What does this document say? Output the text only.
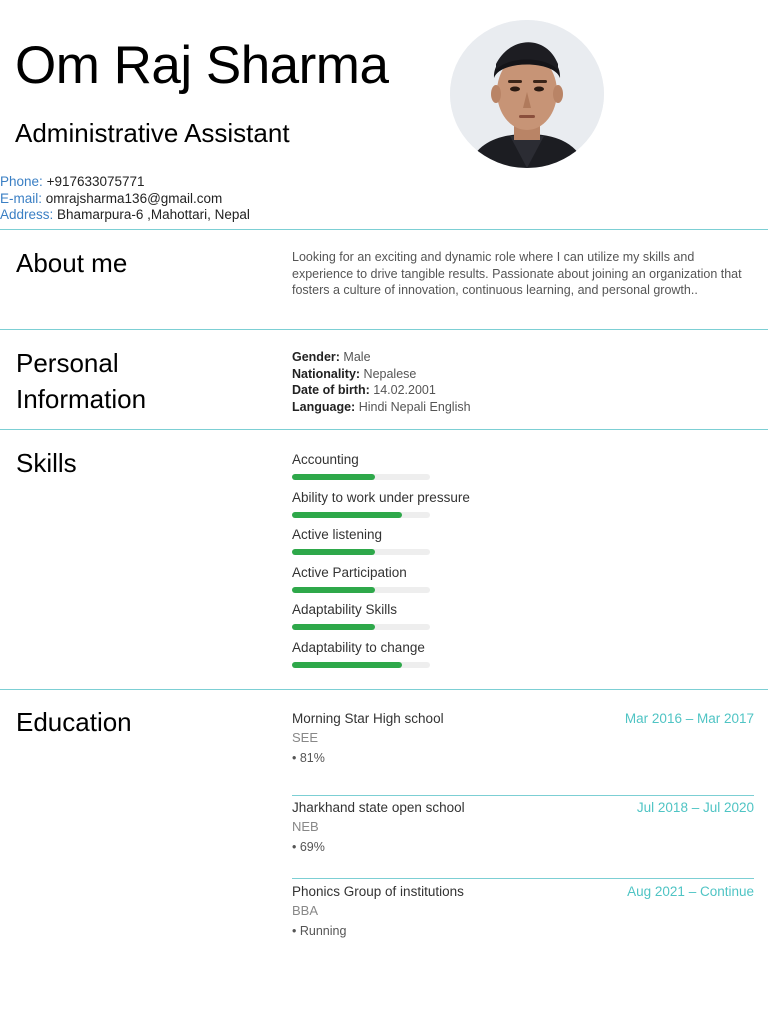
Om Raj Sharma
Administrative Assistant
Phone: +917633075771
E-mail: omrajsharma136@gmail.com
Address: Bhamarpura-6 ,Mahottari, Nepal
About me	Looking for an exciting and dynamic role where I can utilize my skills and experience to drive tangible results. Passionate about joining an organization that fosters a culture of innovation, continuous learning, and personal growth..
Personal
Information
Gender: Male
Nationality: Nepalese
Date of birth: 14.02.2001
Language: Hindi Nepali English
Skills	Accounting
Ability to work under pressure
Active listening
Active Participation
Adaptability Skills
Adaptability to change
Education	Morning Star High school	Mar 2016 – Mar 2017
SEE
• 81%
Jharkhand state open school	Jul 2018 – Jul 2020
NEB
• 69%
Phonics Group of institutions	Aug 2021 – Continue
BBA
• Running
